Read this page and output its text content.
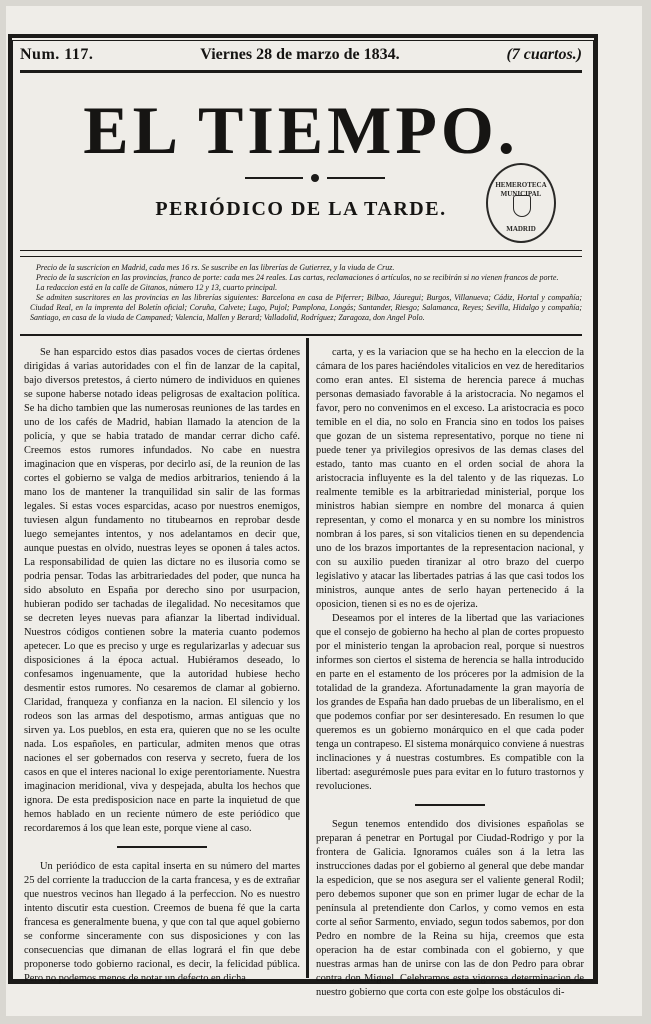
Num. 117.	Viernes 28 de marzo de 1834.	(7 cuartos.)
EL TIEMPO.
PERIÓDICO DE LA TARDE.
HEMEROTECA MUNICIPAL
MADRID

Precio de la suscricion en Madrid, cada mes 16 rs. Se suscribe en las librerías de Gutierrez, y la viuda de Cruz.

Precio de la suscricion en las provincias, franco de porte: cada mes 24 reales. Las cartas, reclamaciones ó artículos, no se recibirán si no vienen francos de porte.

La redaccion está en la calle de Gitanos, número 12 y 13, cuarto principal.

Se admiten suscritores en las provincias en las librerías siguientes: Barcelona en casa de Piferrer; Bilbao, Jáuregui; Burgos, Villanueva; Cádiz, Hortal y compañía; Ciudad Real, en la imprenta del Boletín oficial; Coruña, Calvete; Lugo, Pujol; Pamplona, Longás; Santander, Riesgo; Salamanca, Reyes; Sevilla, Hidalgo y compañía; Santiago, en casa de la viuda de Campaned; Valencia, Mallen y Berard; Valladolid, Rodríguez; Zaragoza, don Angel Polo.

Se han esparcido estos dias pasados voces de ciertas órdenes dirigidas á varias autoridades con el fin de lanzar de la capital, bajo diversos pretestos, á cierto número de individuos en quienes se supone haberse notado ideas peligrosas de exaltacion política. Se ha dicho tambien que las numerosas reuniones de las tardes en uno de los cafés de Madrid, habian llamado la atencion de la policía, y que se habia tratado de mandar cerrar dicho café. Creemos estos rumores infundados. No cabe en nuestra imaginacion que en vísperas, por decirlo así, de la reunion de las cortes el gobierno se valga de medios arbitrarios, teniendo á la mano los de mantener la tranquilidad sin salir de las formas legales. Si estas voces esparcidas, acaso por nuestros enemigos, tuviesen algun fundamento no titubearnos en reprobar desde luego semejantes intentos, y nos adelantamos en decir que, aunque puestas en olvido, nuestras leyes se oponen á tales actos. La responsabilidad de quien las dictare no es ilusoria como se podria pensar. Todas las arbitrariedades del poder, que nunca ha sido absoluto en España por derecho sino por usurpacion, hubieran podido ser tachadas de ilegalidad. No necesitamos que se decreten leyes nuevas para afianzar la libertad individual. Nuestros códigos contienen sobre la materia cuanto podemos apetecer. Lo que es preciso y urge es regularizarlas y adecuar sus disposiciones á la época actual. Hubiéramos deseado, lo confesamos ingenuamente, que la autoridad hubiese hecho desmentir estos rumores. No cesaremos de clamar al gobierno. Claridad, franqueza y confianza en la nacion. El silencio y los rodeos son las armas del despotismo, armas antiguas que no sirven ya. Los pueblos, en esta era, quieren que no se les oculte nada. Los españoles, en particular, admiten menos que otras naciones el ser gobernados con reserva y secreto, fuera de los casos en que el interes nacional lo exige perentoriamente. Nuestra imaginacion meridional, viva y despejada, abulta los hechos que ignora. De esta predisposicion nace en parte la inquietud de que hemos hablado en un reciente número de este periódico que recordaremos á los que lean este, porque viene al caso.

Un periódico de esta capital inserta en su número del martes 25 del corriente la traduccion de la carta francesa, y es de extrañar que nuestros vecinos han llegado á la perfeccion. No es nuestro intento discutir esta cuestion. Creemos de buena fé que la carta francesa es generalmente buena, y que con tal que aquel gobierno se conforme sinceramente con sus disposiciones y con las consecuencias que dimanan de ellas logrará el fin que debe proponerse todo gobierno racional, es decir, la felicidad pública. Pero no podemos menos de notar un defecto en dicha

carta, y es la variacion que se ha hecho en la eleccion de la cámara de los pares haciéndoles vitalicios en vez de hereditarios como eran antes. El sistema de herencia parece á muchas personas demasiado favorable á la aristocracia. No negamos el favor, pero no convenimos en el exceso. La aristocracia es poco temible en el dia, no solo en Francia sino en todos los paises que gozan de un sistema representativo, porque no tiene ni puede tener ya privilegios opresivos de las demas clases del estado, tanto mas cuanto en el orden social de ahora la aristocracia influyente es la del talento y de las riquezas. Lo realmente temible es la arbitrariedad ministerial, porque los ministros habian siempre en nombre del monarca á quien representan, y como el monarca y en su nombre los ministros nombran á los pares, si son vitalicios tienen en su dependencia uno de los brazos importantes de la representacion nacional, y con su auxilio pueden tiranizar al otro brazo del cuerpo legislativo y atacar las libertades patrias á las que casi todos los ministros, aunque antes de serlo hayan pertenecido á la oposicion, tienen si es no es de ojeriza.

Deseamos por el interes de la libertad que las variaciones que el consejo de gobierno ha hecho al plan de cortes propuesto por el ministerio tengan la aprobacion real, porque si nuestros informes son ciertos el sistema de herencia se halla introducido en parte en el estamento de los próceres por la admision de la totalidad de la grandeza. Afortunadamente la gran mayoría de los grandes de España han dado pruebas de un liberalismo, en el que podemos confiar por ser desinteresado. En resumen lo que queremos es un gobierno monárquico en el que cada poder tenga un contrapeso. El sistema monárquico conviene á nuestras inclinaciones y á nuestras costumbres. Es compatible con la libertad: asegurémosle pues para evitar en lo futuro trastornos y revoluciones.

Segun tenemos entendido dos divisiones españolas se preparan á penetrar en Portugal por Ciudad-Rodrigo y por la frontera de Galicia. Ignoramos cuáles son á la letra las instrucciones dadas por el gobierno al general que debe mandar la espedicion, que se nos asegura ser el valiente general Rodil; pero debemos suponer que son en primer lugar de echar de la península al pretendiente don Carlos, y como vemos en esta corte al señor Sarmento, enviado, segun todos sabemos, por don Pedro en nombre de la Reina su hija, creemos que esta operacion ha de estar combinada con el gobierno, y que nuestras armas han de unirse con las de don Pedro para obrar contra don Miguel. Celebramos esta vigorosa determinacion de nuestro gobierno que corta con este golpe los obstáculos di-
